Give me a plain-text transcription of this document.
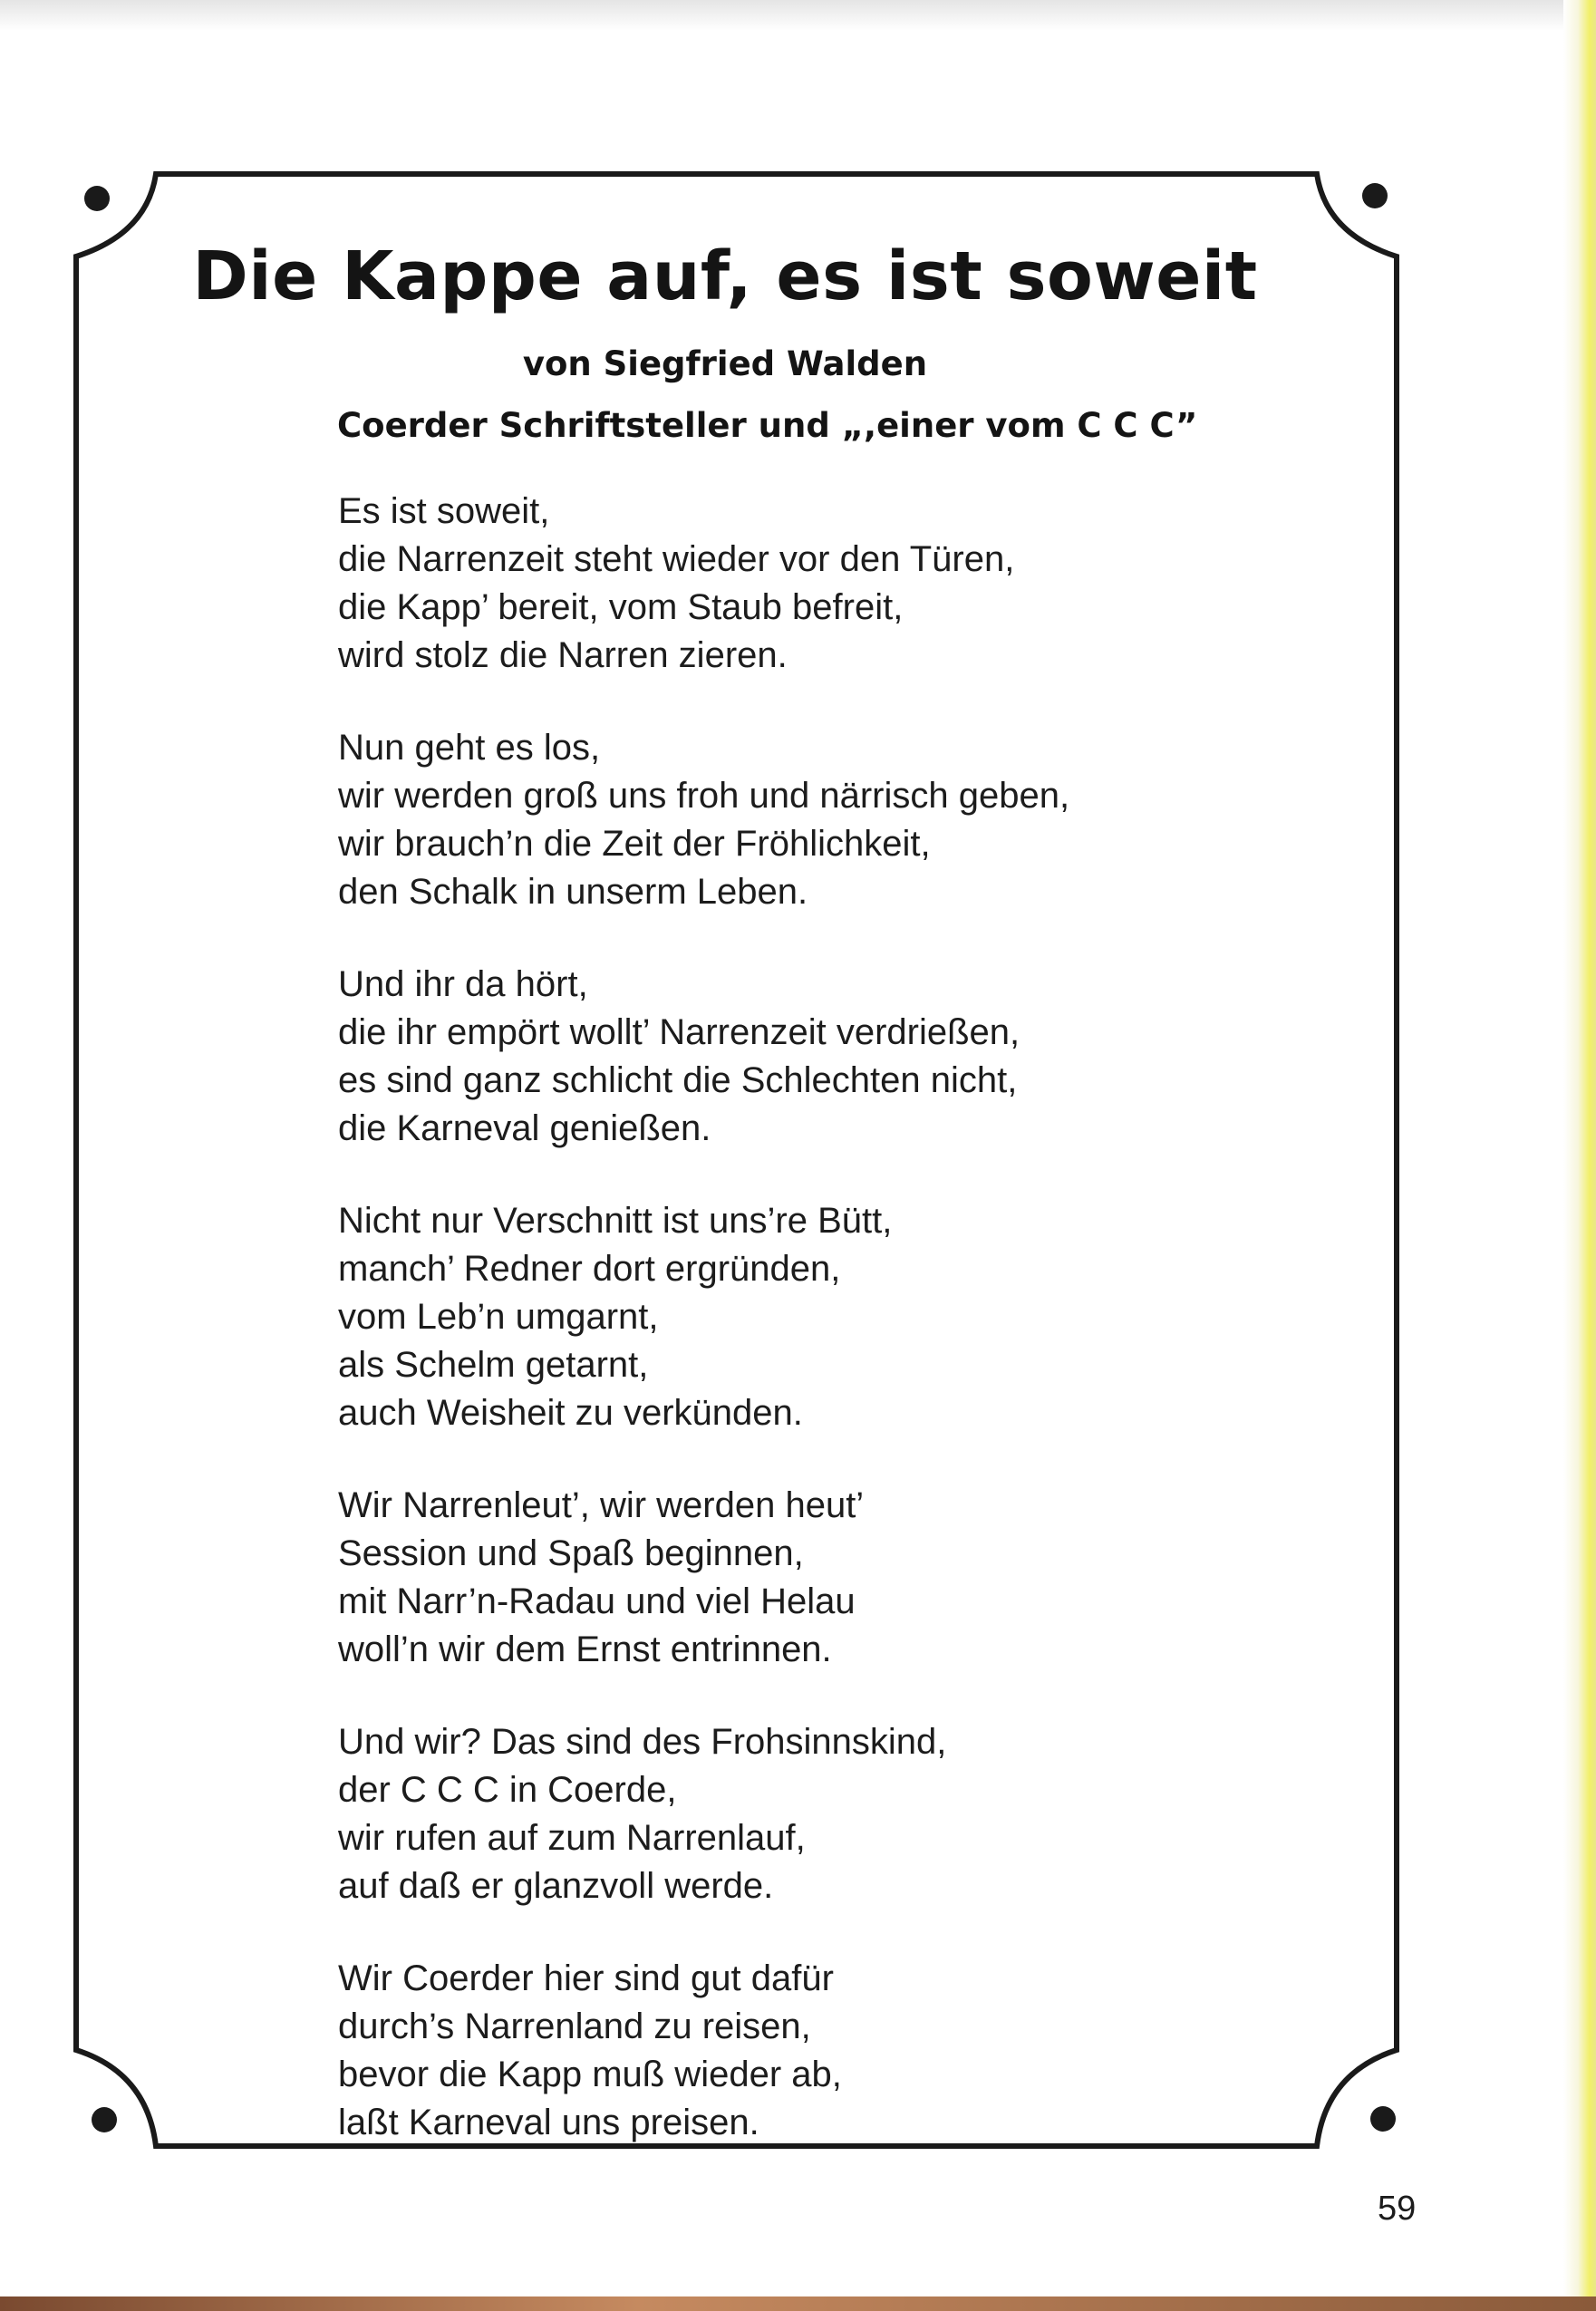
Die Kappe auf, es ist soweit

von Siegfried Walden

Coerder Schriftsteller und „,einer vom C C C”

Es ist soweit,
die Narrenzeit steht wieder vor den Türen,
die Kapp’ bereit, vom Staub befreit,
wird stolz die Narren zieren.

Nun geht es los,
wir werden groß uns froh und närrisch geben,
wir brauch’n die Zeit der Fröhlichkeit,
den Schalk in unserm Leben.

Und ihr da hört,
die ihr empört wollt’ Narrenzeit verdrießen,
es sind ganz schlicht die Schlechten nicht,
die Karneval genießen.

Nicht nur Verschnitt ist uns’re Bütt,
manch’ Redner dort ergründen,
vom Leb’n umgarnt,
als Schelm getarnt,
auch Weisheit zu verkünden.

Wir Narrenleut’, wir werden heut’
Session und Spaß beginnen,
mit Narr’n-Radau und viel Helau
woll’n wir dem Ernst entrinnen.

Und wir? Das sind des Frohsinnskind,
der C C C in Coerde,
wir rufen auf zum Narrenlauf,
auf daß er glanzvoll werde.

Wir Coerder hier sind gut dafür
durch’s Narrenland zu reisen,
bevor die Kapp muß wieder ab,
laßt Karneval uns preisen.

59
